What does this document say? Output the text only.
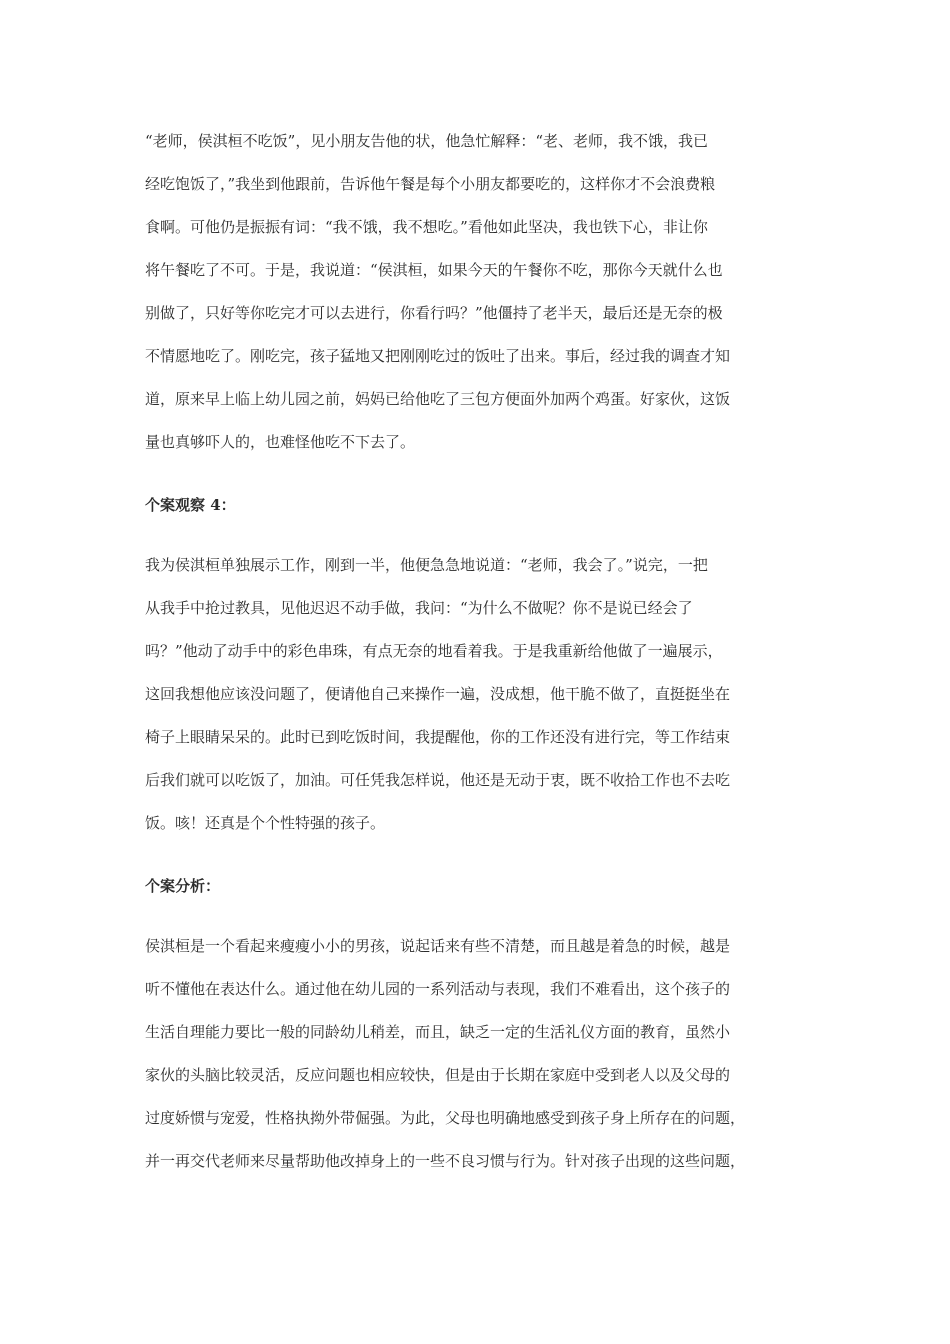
“老师，侯淇桓不吃饭”，见小朋友告他的状，他急忙解释：“老、老师，我不饿，我已
经吃饱饭了，”我坐到他跟前，告诉他午餐是每个小朋友都要吃的，这样你才不会浪费粮
食啊。可他仍是振振有词：“我不饿，我不想吃。”看他如此坚决，我也铁下心，非让你
将午餐吃了不可。于是，我说道：“侯淇桓，如果今天的午餐你不吃，那你今天就什么也
别做了，只好等你吃完才可以去进行，你看行吗？”他僵持了老半天，最后还是无奈的极
不情愿地吃了。刚吃完，孩子猛地又把刚刚吃过的饭吐了出来。事后，经过我的调查才知
道，原来早上临上幼儿园之前，妈妈已给他吃了三包方便面外加两个鸡蛋。好家伙，这饭
量也真够吓人的，也难怪他吃不下去了。
个案观察 4：
我为侯淇桓单独展示工作，刚到一半，他便急急地说道：“老师，我会了。”说完，一把
从我手中抢过教具，见他迟迟不动手做，我问：“为什么不做呢？你不是说已经会了
吗？”他动了动手中的彩色串珠，有点无奈的地看着我。于是我重新给他做了一遍展示，
这回我想他应该没问题了，便请他自己来操作一遍，没成想，他干脆不做了，直挺挺坐在
椅子上眼睛呆呆的。此时已到吃饭时间，我提醒他，你的工作还没有进行完，等工作结束
后我们就可以吃饭了，加油。可任凭我怎样说，他还是无动于衷，既不收拾工作也不去吃
饭。咳！还真是个个性特强的孩子。
个案分析：
侯淇桓是一个看起来瘦瘦小小的男孩，说起话来有些不清楚，而且越是着急的时候，越是
听不懂他在表达什么。通过他在幼儿园的一系列活动与表现，我们不难看出，这个孩子的
生活自理能力要比一般的同龄幼儿稍差，而且，缺乏一定的生活礼仪方面的教育，虽然小
家伙的头脑比较灵活，反应问题也相应较快，但是由于长期在家庭中受到老人以及父母的
过度娇惯与宠爱，性格执拗外带倔强。为此，父母也明确地感受到孩子身上所存在的问题，
并一再交代老师来尽量帮助他改掉身上的一些不良习惯与行为。针对孩子出现的这些问题，
